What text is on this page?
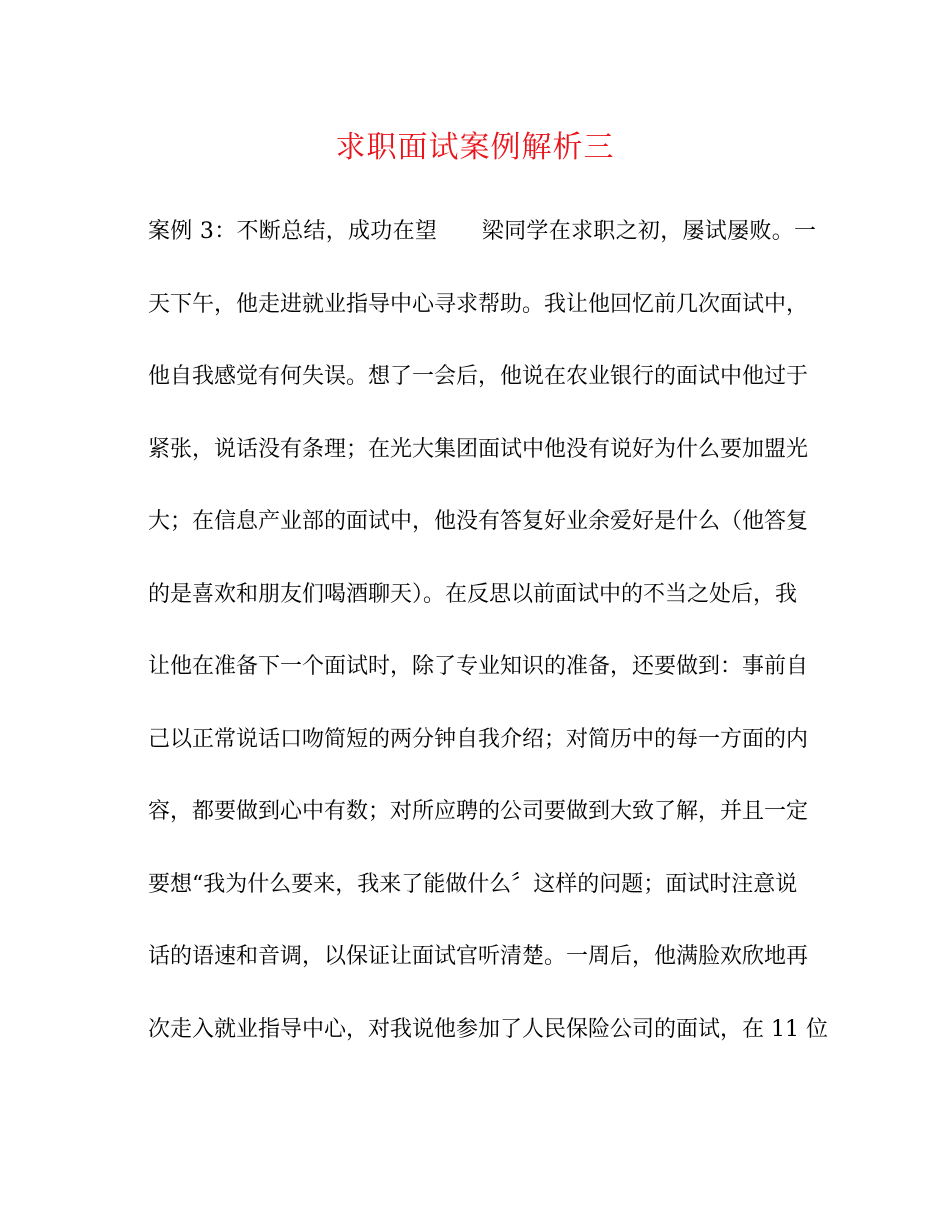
求职面试案例解析三
案例 3：不断总结，成功在望　　梁同学在求职之初，屡试屡败。一
天下午，他走进就业指导中心寻求帮助。我让他回忆前几次面试中，
他自我感觉有何失误。想了一会后，他说在农业银行的面试中他过于
紧张，说话没有条理；在光大集团面试中他没有说好为什么要加盟光
大；在信息产业部的面试中，他没有答复好业余爱好是什么（他答复
的是喜欢和朋友们喝酒聊天）。在反思以前面试中的不当之处后，我
让他在准备下一个面试时，除了专业知识的准备，还要做到：事前自
己以正常说话口吻简短的两分钟自我介绍；对简历中的每一方面的内
容，都要做到心中有数；对所应聘的公司要做到大致了解，并且一定
要想“我为什么要来，我来了能做什么〞这样的问题；面试时注意说
话的语速和音调，以保证让面试官听清楚。一周后，他满脸欢欣地再
次走入就业指导中心，对我说他参加了人民保险公司的面试，在 11 位
